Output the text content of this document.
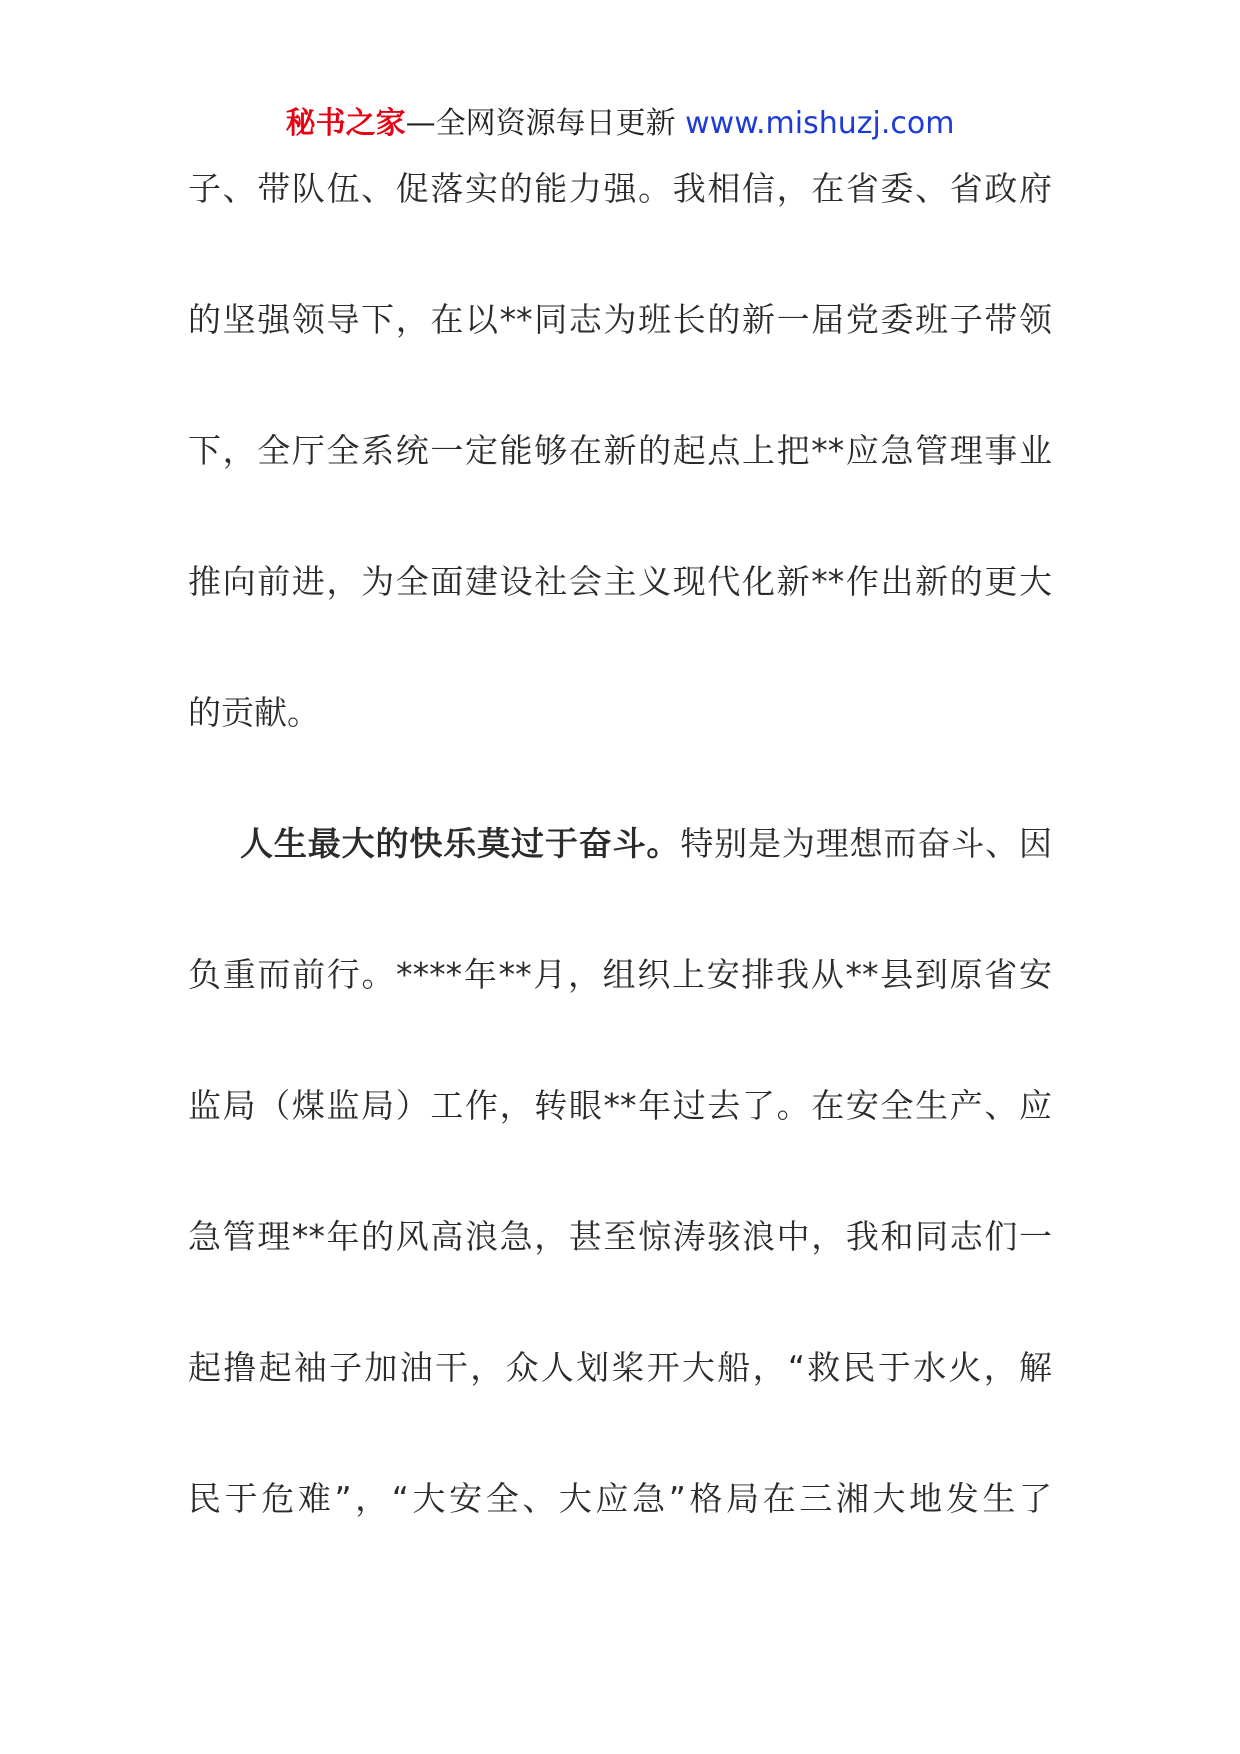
秘书之家—全网资源每日更新 www.mishuzj.com
子、带队伍、促落实的能力强。我相信，在省委、省政府
的坚强领导下，在以**同志为班长的新一届党委班子带领
下，全厅全系统一定能够在新的起点上把**应急管理事业
推向前进，为全面建设社会主义现代化新**作出新的更大
的贡献。
人生最大的快乐莫过于奋斗。特别是为理想而奋斗、因
负重而前行。****年**月，组织上安排我从**县到原省安
监局（煤监局）工作，转眼**年过去了。在安全生产、应
急管理**年的风高浪急，甚至惊涛骇浪中，我和同志们一
起撸起袖子加油干，众人划桨开大船，“救民于水火，解
民于危难”，“大安全、大应急”格局在三湘大地发生了
